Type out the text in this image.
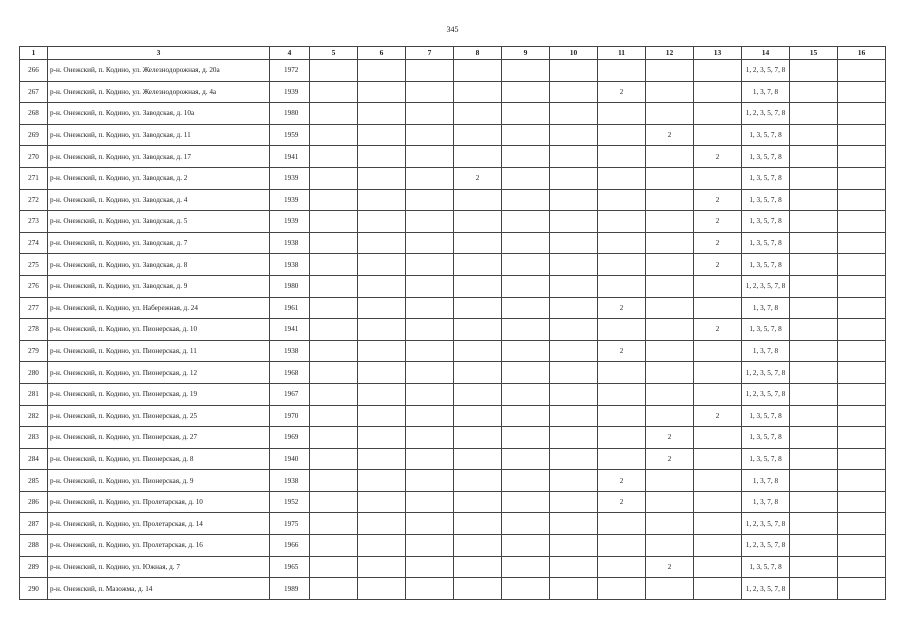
345
1	3	4	5	6	7	8	9	10	11	12	13	14	15	16
266	р-н. Онежский, п. Кодино, ул. Железнодорожная, д. 20а	1972										1, 2, 3, 5, 7, 8		
267	р-н. Онежский, п. Кодино, ул. Железнодорожная, д. 4а	1939							2			1, 3, 7, 8		
268	р-н. Онежский, п. Кодино, ул. Заводская, д. 10а	1980										1, 2, 3, 5, 7, 8		
269	р-н. Онежский, п. Кодино, ул. Заводская, д. 11	1959								2		1, 3, 5, 7, 8		
270	р-н. Онежский, п. Кодино, ул. Заводская, д. 17	1941									2	1, 3, 5, 7, 8		
271	р-н. Онежский, п. Кодино, ул. Заводская, д. 2	1939				2						1, 3, 5, 7, 8		
272	р-н. Онежский, п. Кодино, ул. Заводская, д. 4	1939									2	1, 3, 5, 7, 8		
273	р-н. Онежский, п. Кодино, ул. Заводская, д. 5	1939									2	1, 3, 5, 7, 8		
274	р-н. Онежский, п. Кодино, ул. Заводская, д. 7	1938									2	1, 3, 5, 7, 8		
275	р-н. Онежский, п. Кодино, ул. Заводская, д. 8	1938									2	1, 3, 5, 7, 8		
276	р-н. Онежский, п. Кодино, ул. Заводская, д. 9	1980										1, 2, 3, 5, 7, 8		
277	р-н. Онежский, п. Кодино, ул. Набережная, д. 24	1961							2			1, 3, 7, 8		
278	р-н. Онежский, п. Кодино, ул. Пионерская, д. 10	1941									2	1, 3, 5, 7, 8		
279	р-н. Онежский, п. Кодино, ул. Пионерская, д. 11	1938							2			1, 3, 7, 8		
280	р-н. Онежский, п. Кодино, ул. Пионерская, д. 12	1968										1, 2, 3, 5, 7, 8		
281	р-н. Онежский, п. Кодино, ул. Пионерская, д. 19	1967										1, 2, 3, 5, 7, 8		
282	р-н. Онежский, п. Кодино, ул. Пионерская, д. 25	1970									2	1, 3, 5, 7, 8		
283	р-н. Онежский, п. Кодино, ул. Пионерская, д. 27	1969								2		1, 3, 5, 7, 8		
284	р-н. Онежский, п. Кодино, ул. Пионерская, д. 8	1940								2		1, 3, 5, 7, 8		
285	р-н. Онежский, п. Кодино, ул. Пионерская, д. 9	1938							2			1, 3, 7, 8		
286	р-н. Онежский, п. Кодино, ул. Пролетарская, д. 10	1952							2			1, 3, 7, 8		
287	р-н. Онежский, п. Кодино, ул. Пролетарская, д. 14	1975										1, 2, 3, 5, 7, 8		
288	р-н. Онежский, п. Кодино, ул. Пролетарская, д. 16	1966										1, 2, 3, 5, 7, 8		
289	р-н. Онежский, п. Кодино, ул. Южная, д. 7	1965								2		1, 3, 5, 7, 8		
290	р-н. Онежский, п. Мазожма, д. 14	1989										1, 2, 3, 5, 7, 8		
